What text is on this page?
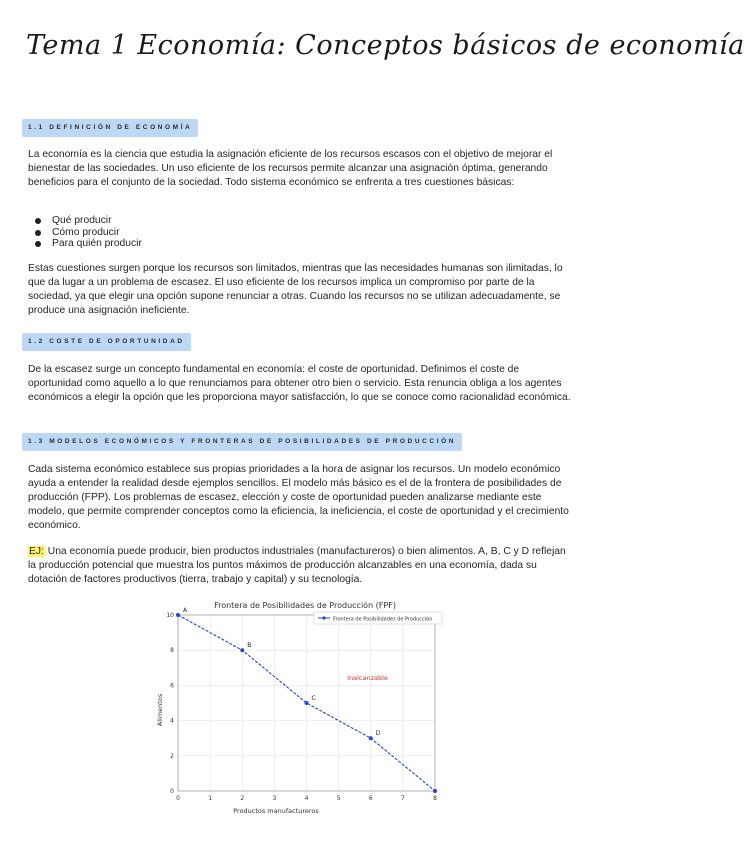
Tema 1 Economía: Conceptos básicos de economía
1.1 DEFINICIÓN DE ECONOMÍA

La economía es la ciencia que estudia la asignación eficiente de los recursos escasos con el objetivo de mejorar el bienestar de las sociedades. Un uso eficiente de los recursos permite alcanzar una asignación óptima, generando beneficios para el conjunto de la sociedad. Todo sistema económico se enfrenta a tres cuestiones básicas:

Qué producir
Cómo producir
Para quién producir

Estas cuestiones surgen porque los recursos son limitados, mientras que las necesidades humanas son ilimitadas, lo que da lugar a un problema de escasez. El uso eficiente de los recursos implica un compromiso por parte de la sociedad, ya que elegir una opción supone renunciar a otras. Cuando los recursos no se utilizan adecuadamente, se produce una asignación ineficiente.

1.2 COSTE DE OPORTUNIDAD

De la escasez surge un concepto fundamental en economía: el coste de oportunidad. Definimos el coste de oportunidad como aquello a lo que renunciamos para obtener otro bien o servicio. Esta renuncia obliga a los agentes económicos a elegir la opción que les proporciona mayor satisfacción, lo que se conoce como racionalidad económica.

1.3 MODELOS ECONÓMICOS Y FRONTERAS DE POSIBILIDADES DE PRODUCCIÓN

Cada sistema económico establece sus propias prioridades a la hora de asignar los recursos. Un modelo económico ayuda a entender la realidad desde ejemplos sencillos. El modelo más básico es el de la frontera de posibilidades de producción (FPP). Los problemas de escasez, elección y coste de oportunidad pueden analizarse mediante este modelo, que permite comprender conceptos como la eficiencia, la ineficiencia, el coste de oportunidad y el crecimiento económico.

EJ: Una economía puede producir, bien productos industriales (manufactureros) o bien alimentos. A, B, C y D reflejan la producción potencial que muestra los puntos máximos de producción alcanzables en una economía, dada su dotación de factores productivos (tierra, trabajo y capital) y su tecnología.

Frontera de Posibilidades de Producción (FPF)
0	1	2	3	4	5	6	7	8
0
2
4
6
8
10
A
B
C
D
Frontera de Posibilidades de Producción
Productos manufactureros
Alimentos
Inalcanzable
